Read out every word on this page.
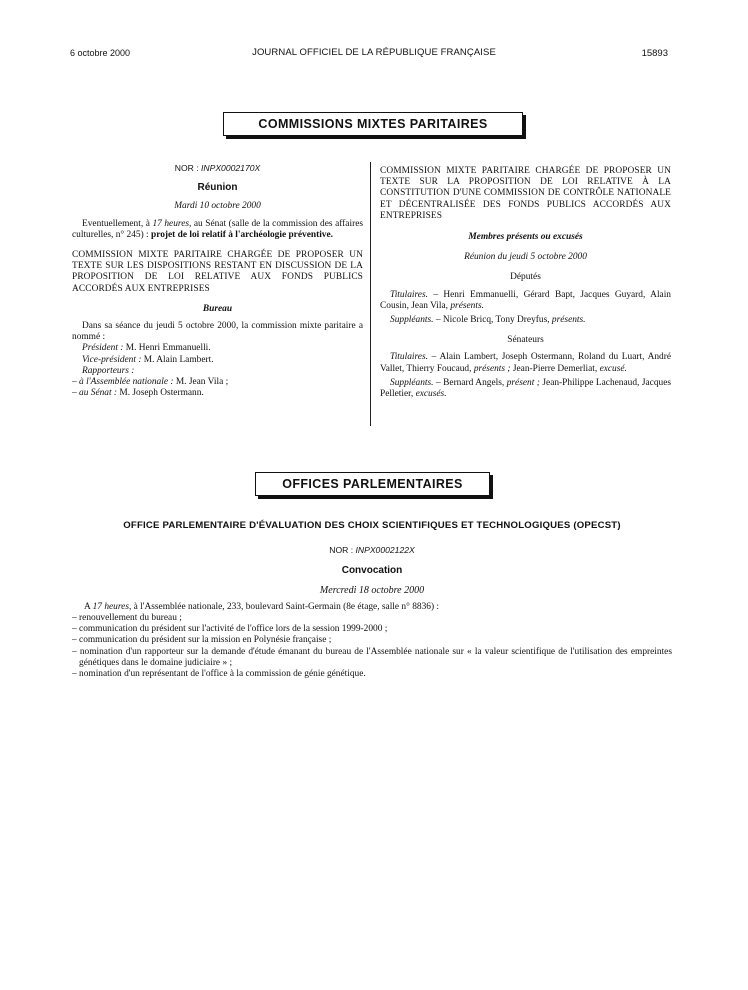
6 octobre 2000	JOURNAL OFFICIEL DE LA RÉPUBLIQUE FRANÇAISE	15893
COMMISSIONS MIXTES PARITAIRES

NOR : INPX0002170X

Réunion

Mardi 10 octobre 2000

Eventuellement, à 17 heures, au Sénat (salle de la commission des affaires culturelles, n° 245) : projet de loi relatif à l'archéologie préventive.

COMMISSION MIXTE PARITAIRE CHARGÉE DE PROPOSER UN TEXTE SUR LES DISPOSITIONS RESTANT EN DISCUSSION DE LA PROPOSITION DE LOI RELATIVE AUX FONDS PUBLICS ACCORDÉS AUX ENTREPRISES

Bureau

Dans sa séance du jeudi 5 octobre 2000, la commission mixte paritaire a nommé :

Président : M. Henri Emmanuelli.

Vice-président : M. Alain Lambert.

Rapporteurs :

– à l'Assemblée nationale : M. Jean Vila ;

– au Sénat : M. Joseph Ostermann.

COMMISSION MIXTE PARITAIRE CHARGÉE DE PROPOSER UN TEXTE SUR LA PROPOSITION DE LOI RELATIVE À LA CONSTITUTION D'UNE COMMISSION DE CONTRÔLE NATIONALE ET DÉCENTRALISÉE DES FONDS PUBLICS ACCORDÉS AUX ENTREPRISES

Membres présents ou excusés

Réunion du jeudi 5 octobre 2000

Députés

Titulaires. – Henri Emmanuelli, Gérard Bapt, Jacques Guyard, Alain Cousin, Jean Vila, présents.

Suppléants. – Nicole Bricq, Tony Dreyfus, présents.

Sénateurs

Titulaires. – Alain Lambert, Joseph Ostermann, Roland du Luart, André Vallet, Thierry Foucaud, présents ; Jean-Pierre Demerliat, excusé.

Suppléants. – Bernard Angels, présent ; Jean-Philippe Lachenaud, Jacques Pelletier, excusés.

OFFICES PARLEMENTAIRES

OFFICE PARLEMENTAIRE D'ÉVALUATION DES CHOIX SCIENTIFIQUES ET TECHNOLOGIQUES (OPECST)

NOR : INPX0002122X

Convocation

Mercredi 18 octobre 2000

A 17 heures, à l'Assemblée nationale, 233, boulevard Saint-Germain (8e étage, salle n° 8836) :

– renouvellement du bureau ;

– communication du président sur l'activité de l'office lors de la session 1999-2000 ;

– communication du président sur la mission en Polynésie française ;

– nomination d'un rapporteur sur la demande d'étude émanant du bureau de l'Assemblée nationale sur « la valeur scientifique de l'utilisation des empreintes génétiques dans le domaine judiciaire » ;

– nomination d'un représentant de l'office à la commission de génie génétique.
